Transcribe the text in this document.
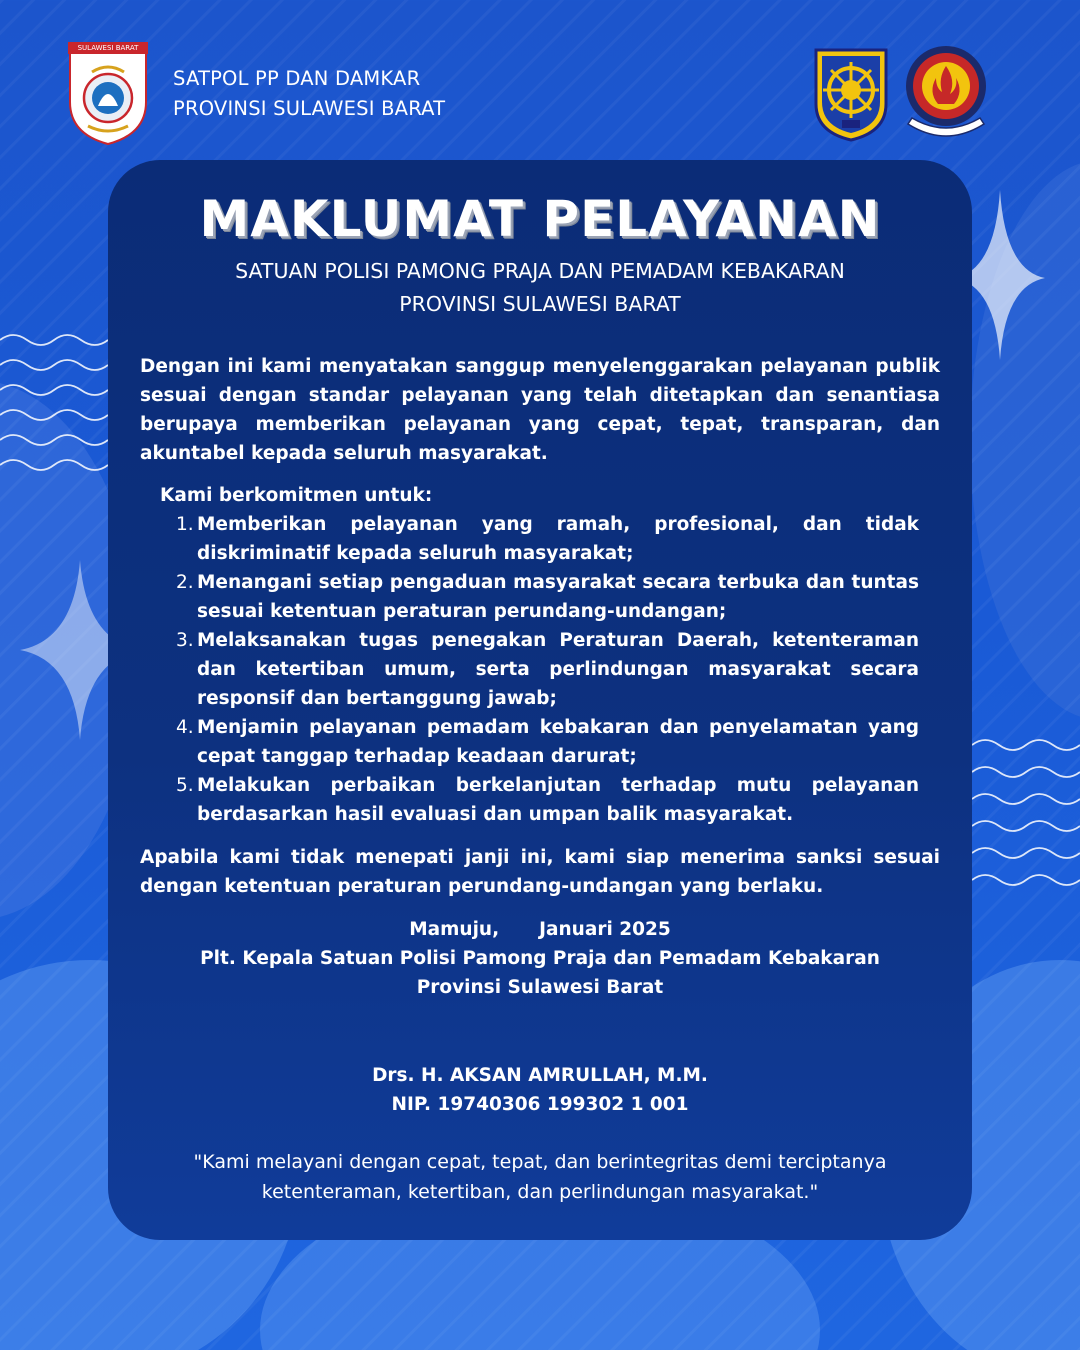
SULAWESI BARAT
SATPOL PP DAN DAMKAR
PROVINSI SULAWESI BARAT
MAKLUMAT PELAYANAN
SATUAN POLISI PAMONG PRAJA DAN PEMADAM KEBAKARAN
PROVINSI SULAWESI BARAT
Dengan ini kami menyatakan sanggup menyelenggarakan pelayanan publik sesuai dengan standar pelayanan yang telah ditetapkan dan senantiasa berupaya memberikan pelayanan yang cepat, tepat, transparan, dan akuntabel kepada seluruh masyarakat.
Kami berkomitmen untuk:
1. Memberikan pelayanan yang ramah, profesional, dan tidak diskriminatif kepada seluruh masyarakat;
2. Menangani setiap pengaduan masyarakat secara terbuka dan tuntas sesuai ketentuan peraturan perundang-undangan;
3. Melaksanakan tugas penegakan Peraturan Daerah, ketenteraman dan ketertiban umum, serta perlindungan masyarakat secara responsif dan bertanggung jawab;
4. Menjamin pelayanan pemadam kebakaran dan penyelamatan yang cepat tanggap terhadap keadaan darurat;
5. Melakukan perbaikan berkelanjutan terhadap mutu pelayanan berdasarkan hasil evaluasi dan umpan balik masyarakat.
Apabila kami tidak menepati janji ini, kami siap menerima sanksi sesuai dengan ketentuan peraturan perundang-undangan yang berlaku.
Mamuju, Januari 2025
Plt. Kepala Satuan Polisi Pamong Praja dan Pemadam Kebakaran
Provinsi Sulawesi Barat
Drs. H. AKSAN AMRULLAH, M.M.
NIP. 19740306 199302 1 001
"Kami melayani dengan cepat, tepat, dan berintegritas demi terciptanya
ketenteraman, ketertiban, dan perlindungan masyarakat."
